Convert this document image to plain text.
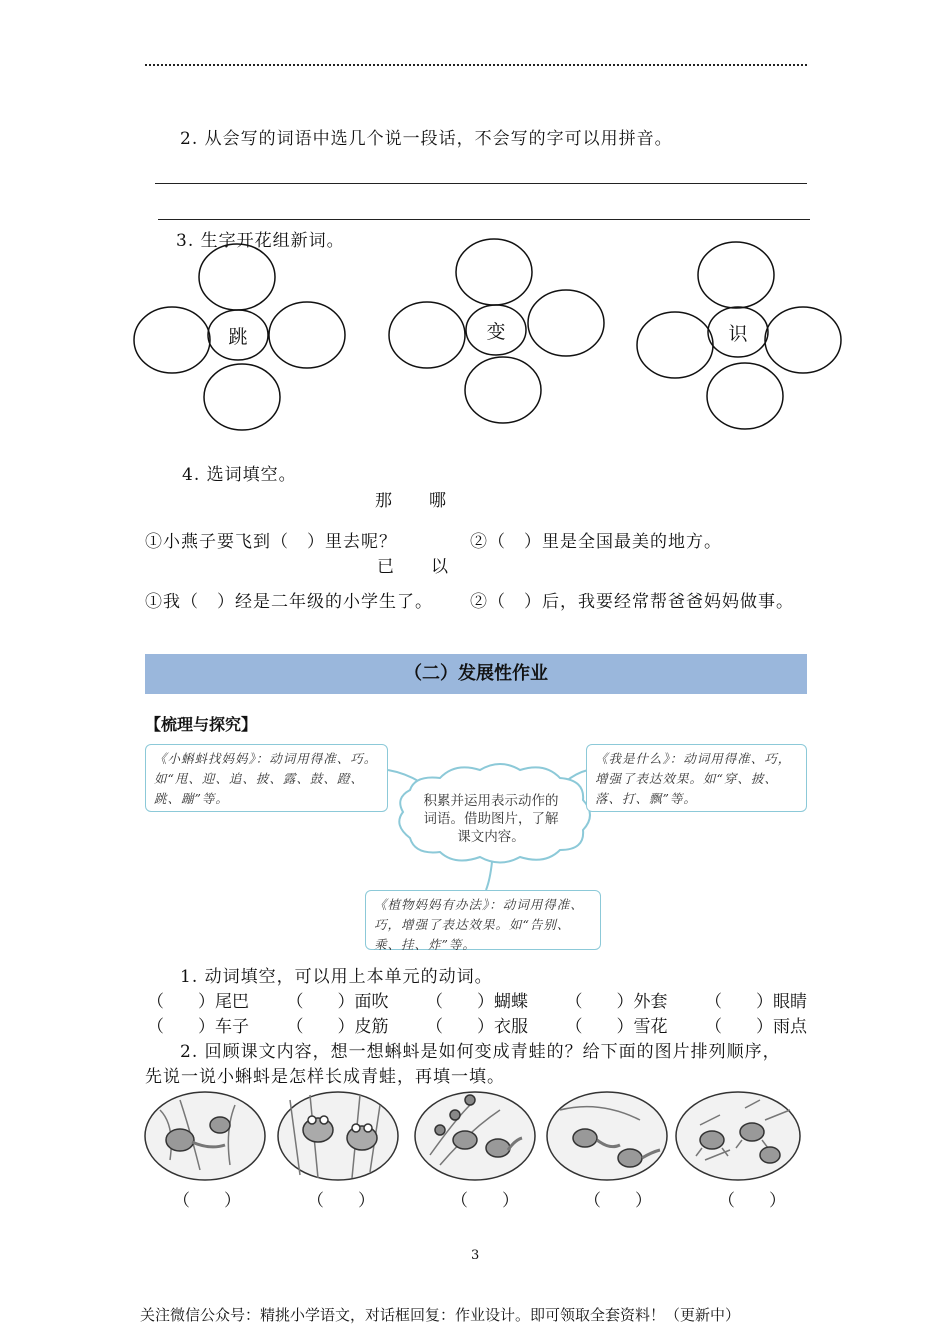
2. 从会写的词语中选几个说一段话，不会写的字可以用拼音。
3. 生字开花组新词。
跳	变	识
4. 选词填空。
那　　哪
①小燕子要飞到（　）里去呢？	②（　）里是全国最美的地方。
已　　以
①我（　）经是二年级的小学生了。 ②（　）后，我要经常帮爸爸妈妈做事。
（二）发展性作业
【梳理与探究】
《小蝌蚪找妈妈》：动词用得准、巧。如“甩、迎、追、披、露、鼓、蹬、跳、蹦”等。
《我是什么》：动词用得准、巧，增强了表达效果。如“穿、披、落、打、飘”等。
《植物妈妈有办法》：动词用得准、巧，增强了表达效果。如“告别、乘、挂、炸”等。
积累并运用表示动作的词语。借助图片，了解课文内容。
1. 动词填空，可以用上本单元的动词。
（　　）尾巴 （　　）面吹 （　　）蝴蝶 （　　）外套 （　　）眼睛
（　　）车子 （　　）皮筋 （　　）衣服 （　　）雪花 （　　）雨点
2. 回顾课文内容，想一想蝌蚪是如何变成青蛙的？给下面的图片排列顺序，
先说一说小蝌蚪是怎样长成青蛙，再填一填。
（　　）	（　　）	（　　）	（　　）	（　　）
3
关注微信公众号：精挑小学语文，对话框回复：作业设计。即可领取全套资料！（更新中）
